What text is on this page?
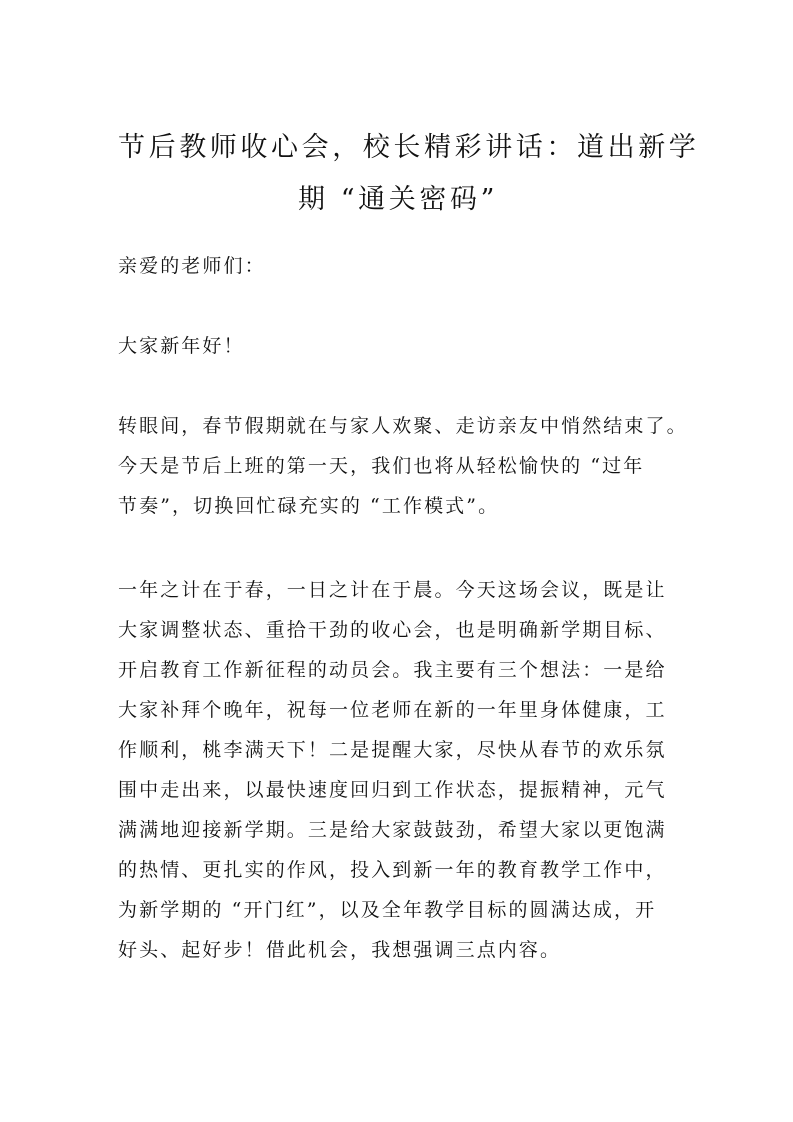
节后教师收心会，校长精彩讲话：道出新学
期 “通关密码”

亲爱的老师们：

大家新年好！

转眼间，春节假期就在与家人欢聚、走访亲友中悄然结束了。
今天是节后上班的第一天，我们也将从轻松愉快的 “过年
节奏”，切换回忙碌充实的 “工作模式”。

一年之计在于春，一日之计在于晨。今天这场会议，既是让
大家调整状态、重拾干劲的收心会，也是明确新学期目标、
开启教育工作新征程的动员会。我主要有三个想法：一是给
大家补拜个晚年，祝每一位老师在新的一年里身体健康，工
作顺利，桃李满天下！二是提醒大家，尽快从春节的欢乐氛
围中走出来，以最快速度回归到工作状态，提振精神，元气
满满地迎接新学期。三是给大家鼓鼓劲，希望大家以更饱满
的热情、更扎实的作风，投入到新一年的教育教学工作中，
为新学期的 “开门红”，以及全年教学目标的圆满达成，开
好头、起好步！借此机会，我想强调三点内容。
